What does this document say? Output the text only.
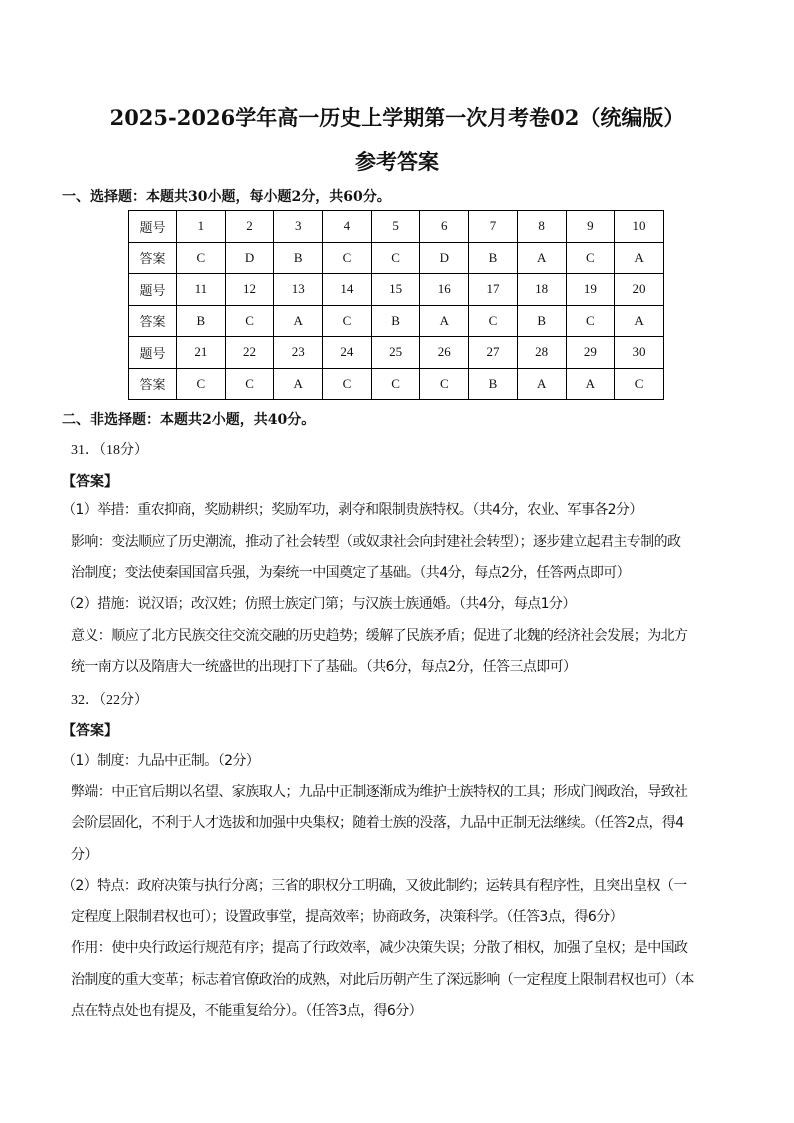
2025-2026学年高一历史上学期第一次月考卷02（统编版）
参考答案
一、选择题：本题共30小题，每小题2分，共60分。
题号	1	2	3	4	5	6	7	8	9	10
答案	C	D	B	C	C	D	B	A	C	A
题号	11	12	13	14	15	16	17	18	19	20
答案	B	C	A	C	B	A	C	B	C	A
题号	21	22	23	24	25	26	27	28	29	30
答案	C	C	A	C	C	C	B	A	A	C
二、非选择题：本题共2小题，共40分。
31．（18分）
【答案】
（1）举措：重农抑商，奖励耕织；奖励军功，剥夺和限制贵族特权。（共4分，农业、军事各2分）
影响：变法顺应了历史潮流，推动了社会转型（或奴隶社会向封建社会转型）；逐步建立起君主专制的政
治制度；变法使秦国国富兵强，为秦统一中国奠定了基础。（共4分，每点2分，任答两点即可）
（2）措施：说汉语；改汉姓；仿照士族定门第；与汉族士族通婚。（共4分，每点1分）
意义：顺应了北方民族交往交流交融的历史趋势；缓解了民族矛盾；促进了北魏的经济社会发展；为北方
统一南方以及隋唐大一统盛世的出现打下了基础。（共6分，每点2分，任答三点即可）
32．（22分）
【答案】
（1）制度：九品中正制。（2分）
弊端：中正官后期以名望、家族取人；九品中正制逐渐成为维护士族特权的工具；形成门阀政治，导致社
会阶层固化，不利于人才选拔和加强中央集权；随着士族的没落，九品中正制无法继续。（任答2点，得4
分）
（2）特点：政府决策与执行分离；三省的职权分工明确，又彼此制约；运转具有程序性，且突出皇权（一
定程度上限制君权也可）；设置政事堂，提高效率；协商政务，决策科学。（任答3点，得6分）
作用：使中央行政运行规范有序；提高了行政效率，减少决策失误；分散了相权，加强了皇权；是中国政
治制度的重大变革；标志着官僚政治的成熟，对此后历朝产生了深远影响（一定程度上限制君权也可）（本
点在特点处也有提及，不能重复给分）。（任答3点，得6分）
